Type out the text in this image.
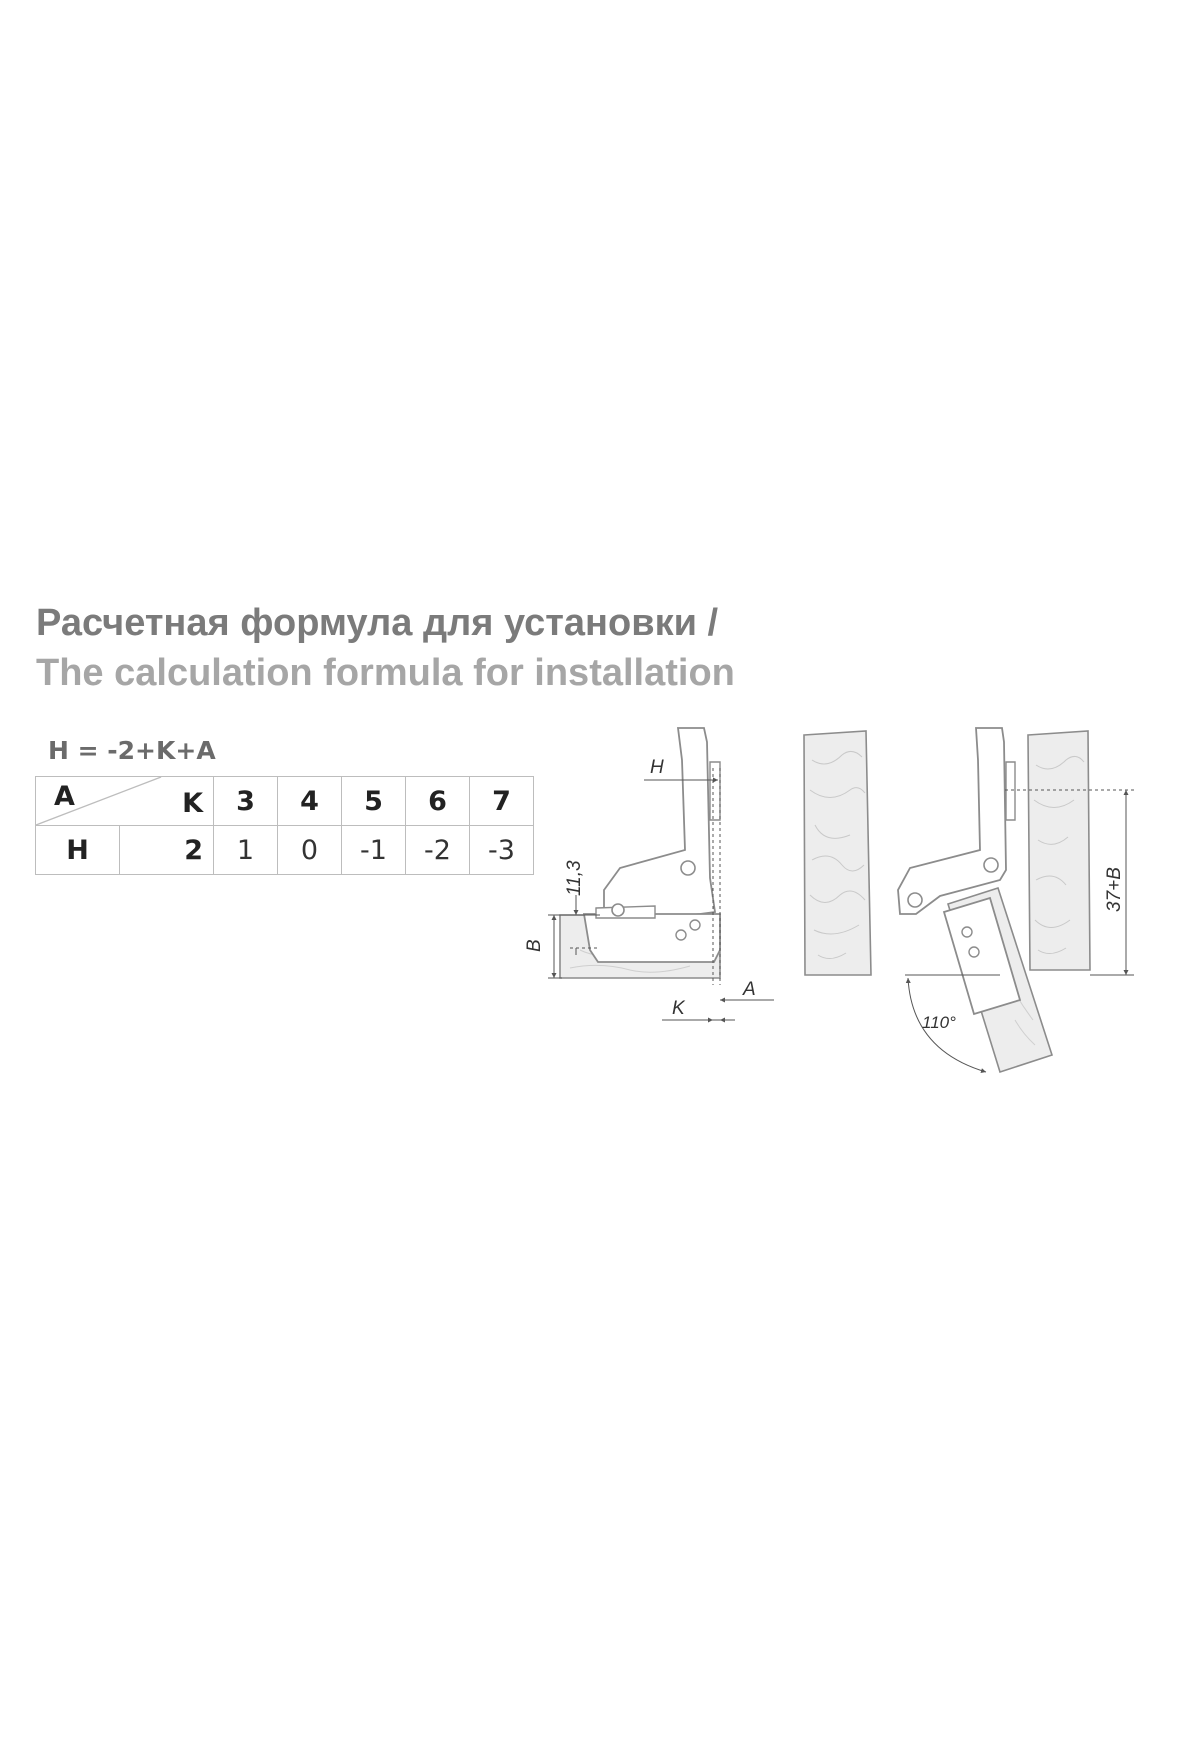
Расчетная формула для установки /
The calculation formula for installation
H = -2+K+A
A K		3	4	5	6	7
H	2	1	0	-1	-2	-3
H
11,3
B
A
K
110°
37+B
